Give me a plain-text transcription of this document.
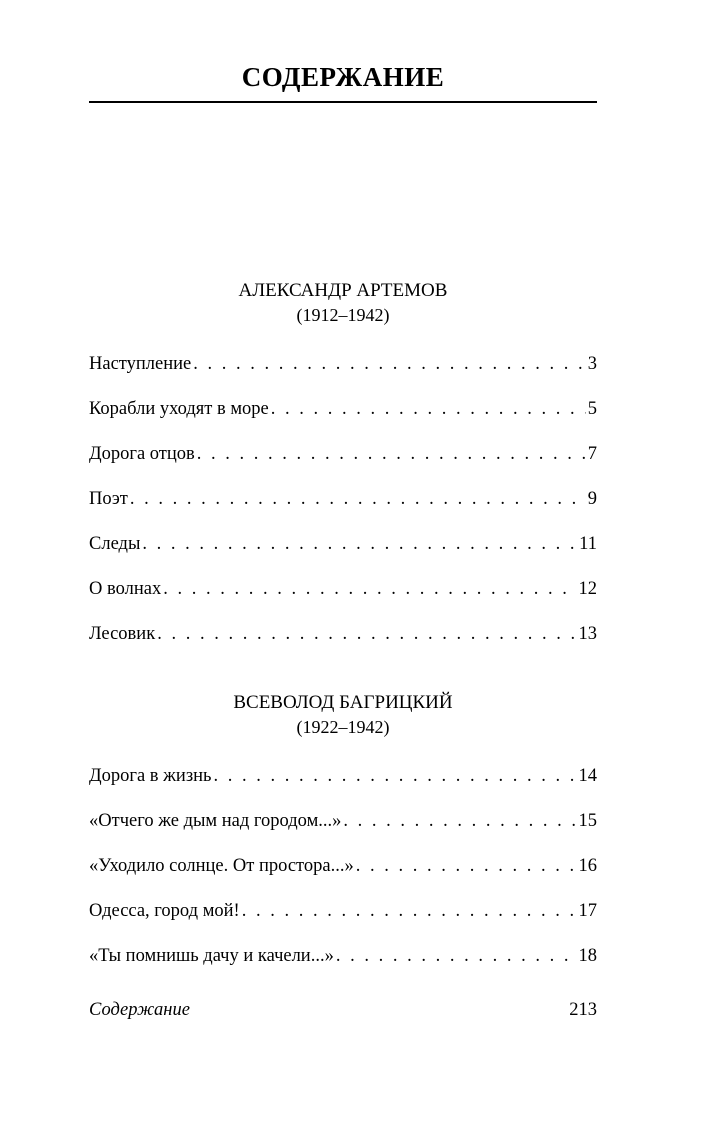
СОДЕРЖАНИЕ
АЛЕКСАНДР АРТЕМОВ
(1912–1942)
Наступление . . .	3
Корабли уходят в море . . .	5
Дорога отцов . . .	7
Поэт . . .	9
Следы . . .	11
О волнах . . .	12
Лесовик . . .	13
ВСЕВОЛОД БАГРИЦКИЙ
(1922–1942)
Дорога в жизнь . . .	14
«Отчего же дым над городом...» . . .	15
«Уходило солнце. От простора...» . . .	16
Одесса, город мой! . . .	17
«Ты помнишь дачу и качели...» . . .	18
Содержание	213
